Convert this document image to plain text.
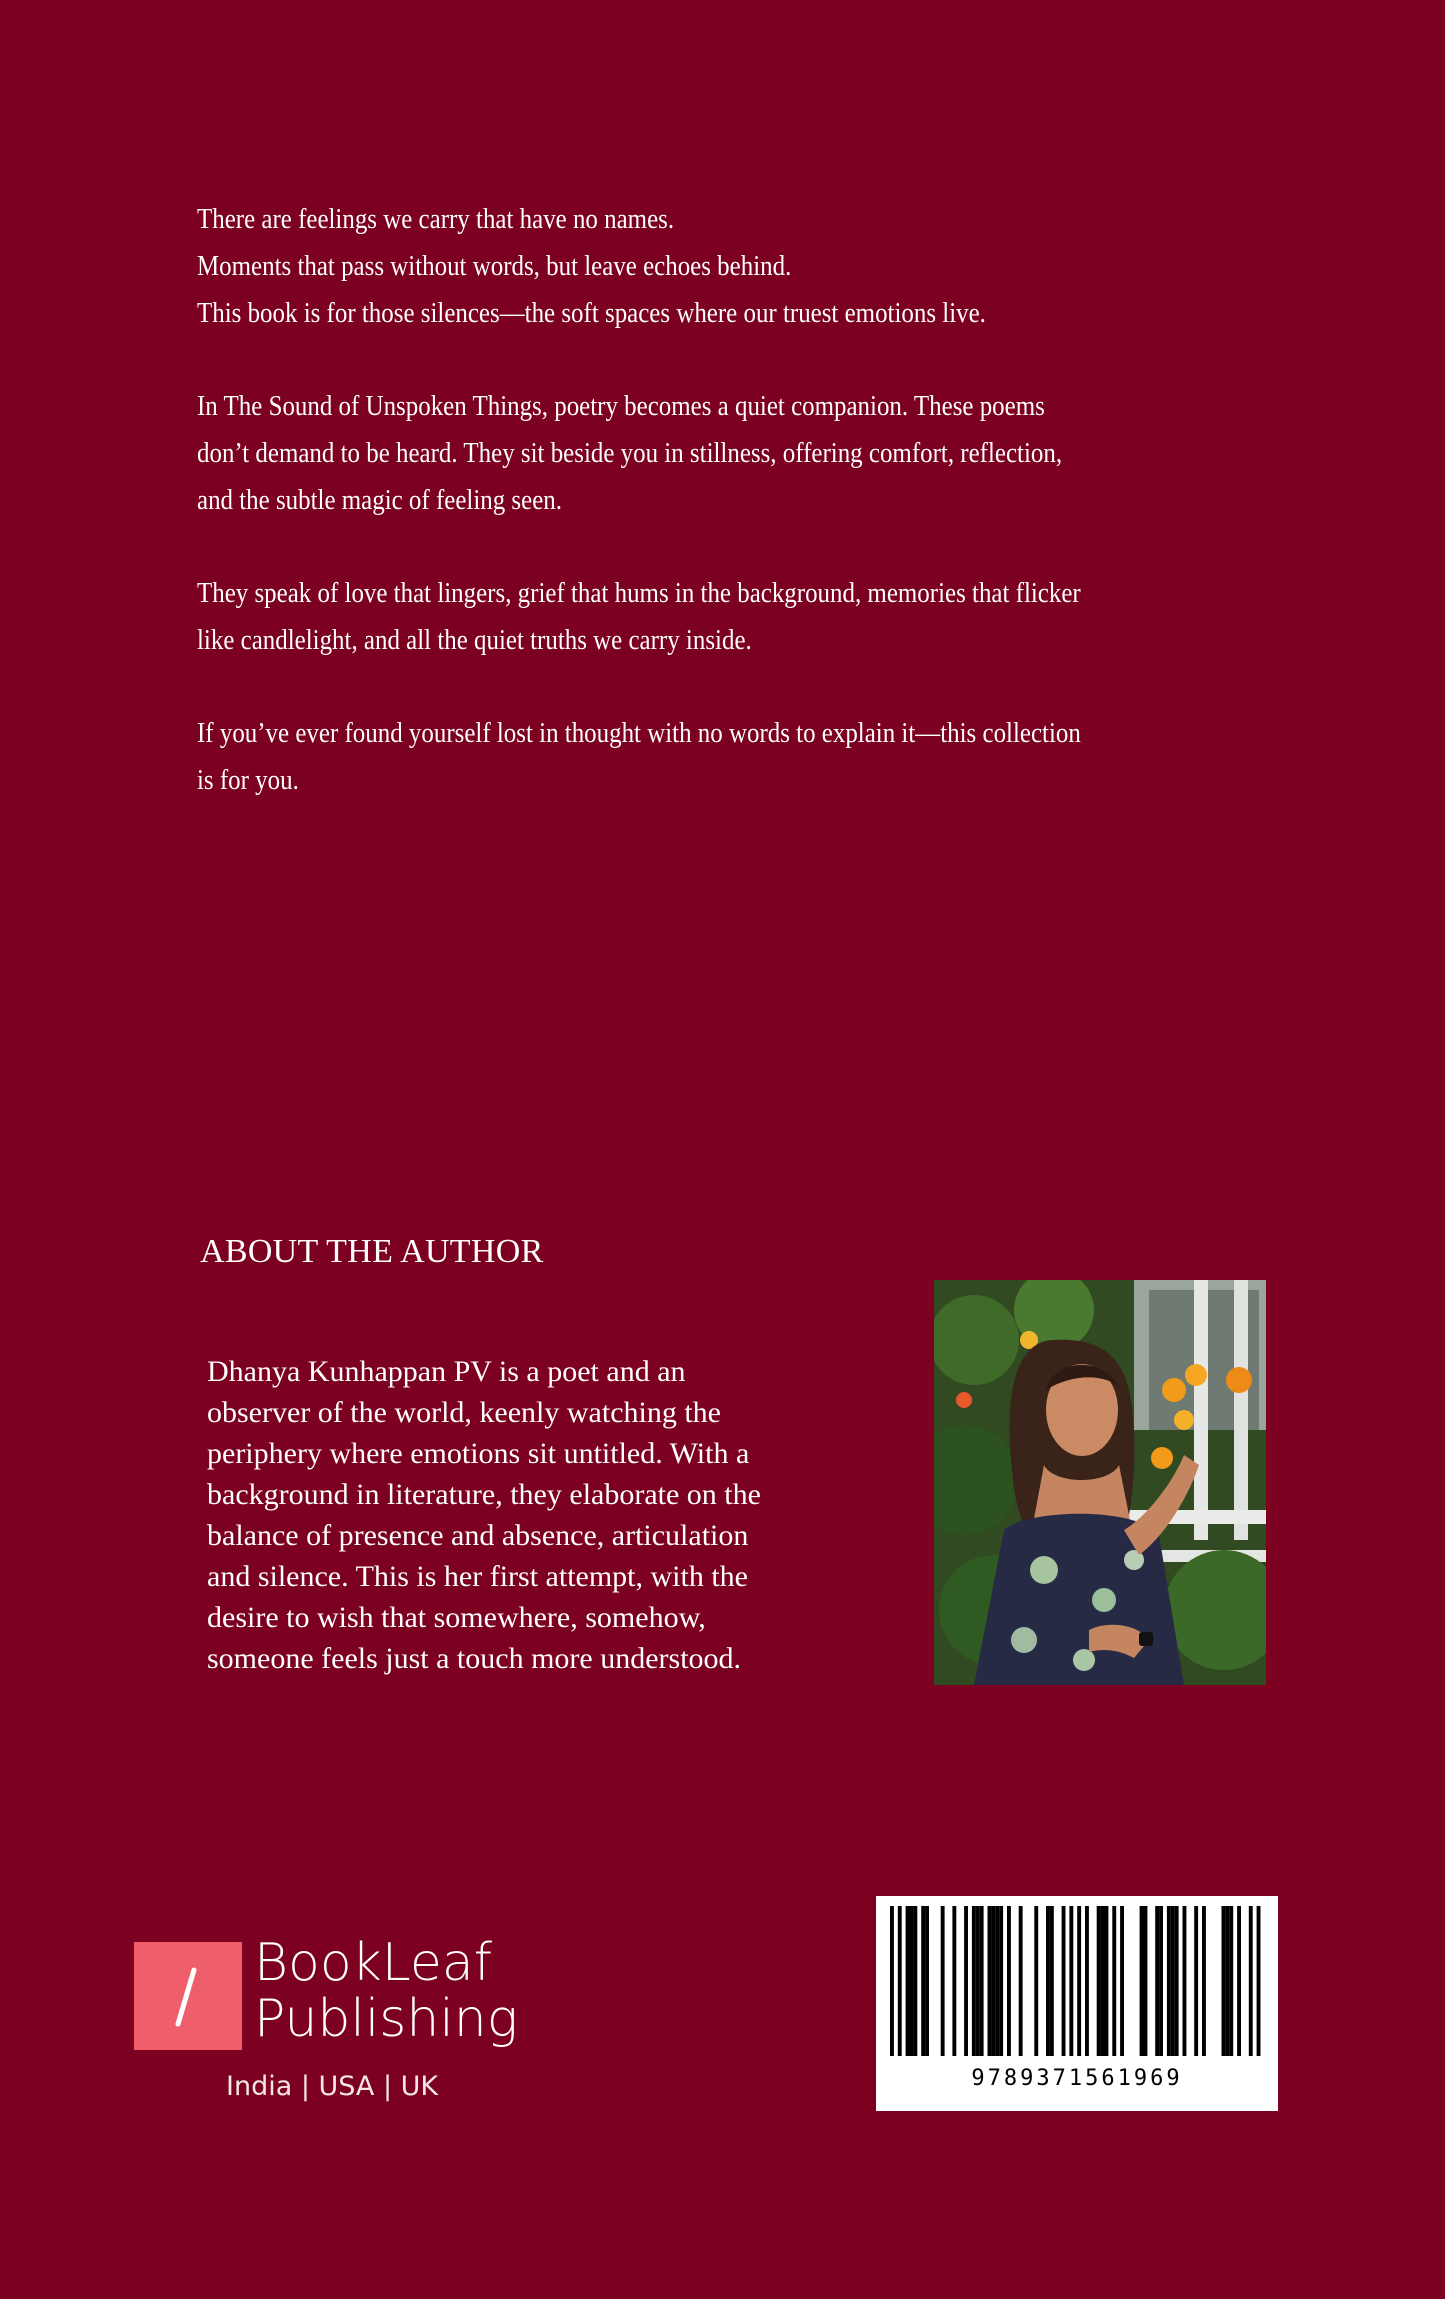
There are feelings we carry that have no names.
Moments that pass without words, but leave echoes behind.
This book is for those silences—the soft spaces where our truest emotions live.

In The Sound of Unspoken Things, poetry becomes a quiet companion. These poems
don’t demand to be heard. They sit beside you in stillness, offering comfort, reflection,
and the subtle magic of feeling seen.

They speak of love that lingers, grief that hums in the background, memories that flicker
like candlelight, and all the quiet truths we carry inside.

If you’ve ever found yourself lost in thought with no words to explain it—this collection
is for you.

ABOUT THE AUTHOR
Dhanya Kunhappan PV is a poet and an
observer of the world, keenly watching the
periphery where emotions sit untitled. With a
background in literature, they elaborate on the
balance of presence and absence, articulation
and silence. This is her first attempt, with the
desire to wish that somewhere, somehow,
someone feels just a touch more understood.
BookLeaf
Publishing
India | USA | UK	9789371561969
